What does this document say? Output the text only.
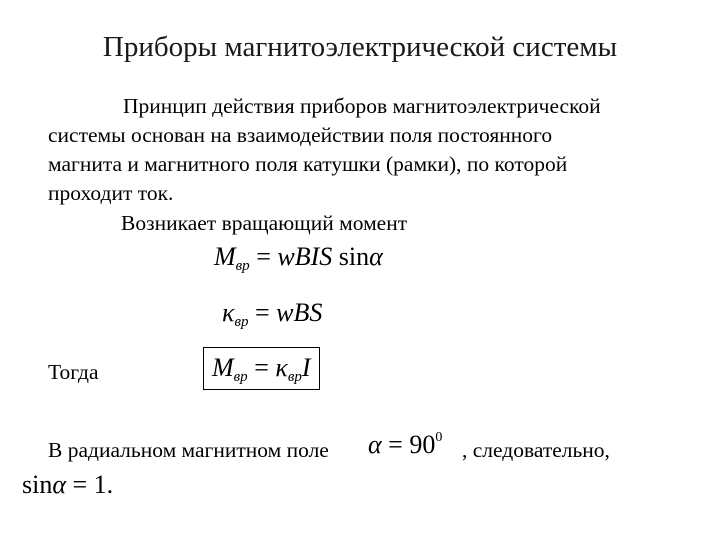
Приборы магнитоэлектрической системы
Принцип действия приборов магнитоэлектрической
системы основан на взаимодействии поля постоянного
магнита и магнитного поля катушки (рамки), по которой
проходит ток.
Возникает вращающий момент
$M_{вр}$ = wBIS sinα
$\kappa_{вр}$ = wBS
Тогда	$M_{вр} = \kappa_{вр}I$
В радиальном магнитном поле $\alpha = 90^0$
, следовательно,
sinα = 1.
